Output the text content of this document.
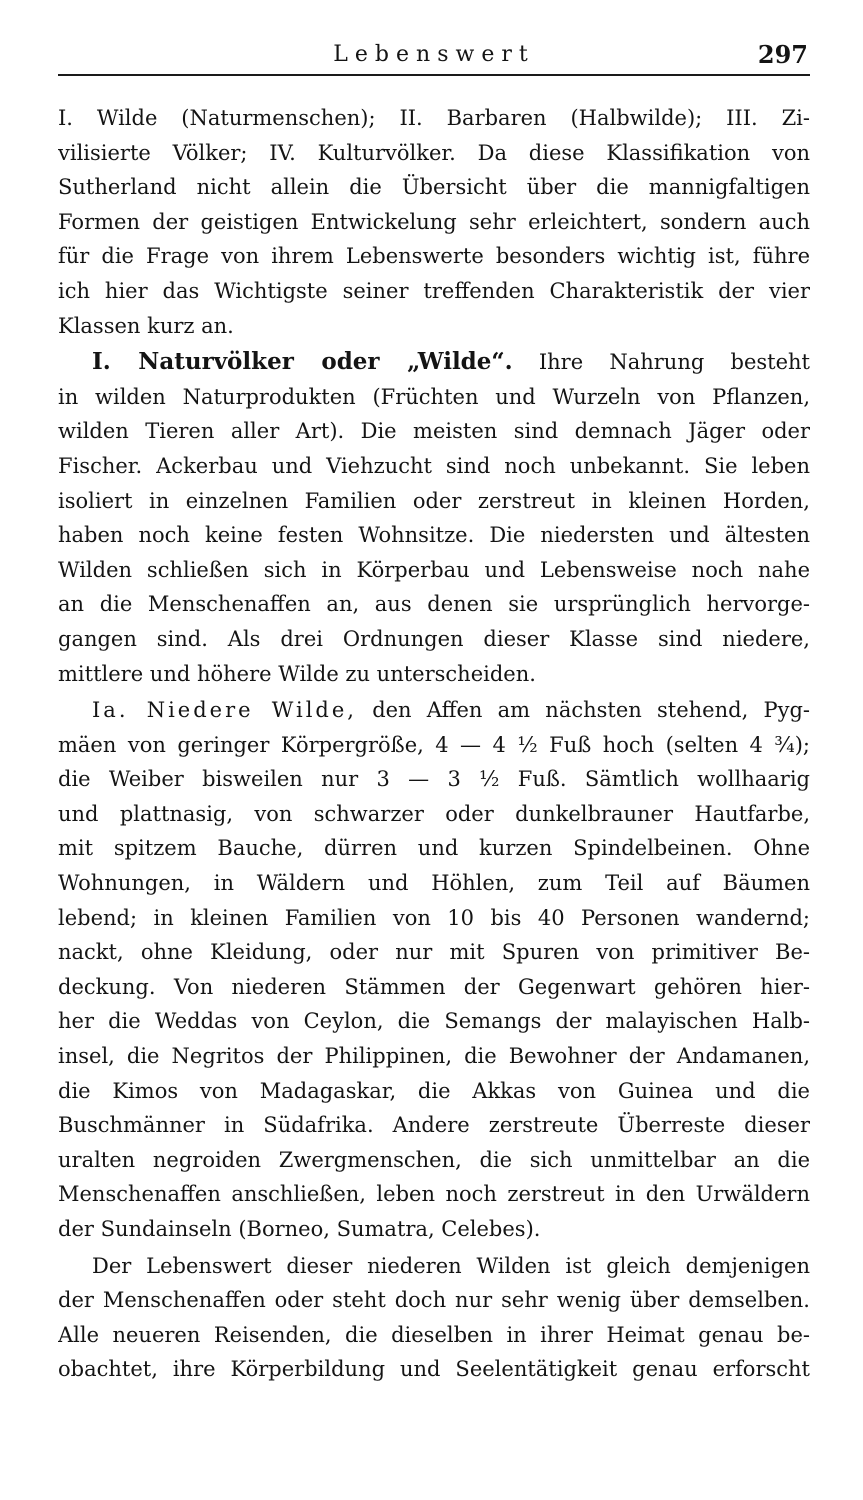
Lebenswert	297
I. Wilde (Naturmenschen); II. Barbaren (Halbwilde); III. Zi-
vilisierte Völker; IV. Kulturvölker. Da diese Klassifikation von
Sutherland nicht allein die Übersicht über die mannigfaltigen
Formen der geistigen Entwickelung sehr erleichtert, sondern auch
für die Frage von ihrem Lebenswerte besonders wichtig ist, führe
ich hier das Wichtigste seiner treffenden Charakteristik der vier
Klassen kurz an.
I. Naturvölker oder „Wilde“. Ihre Nahrung besteht
in wilden Naturprodukten (Früchten und Wurzeln von Pflanzen,
wilden Tieren aller Art). Die meisten sind demnach Jäger oder
Fischer. Ackerbau und Viehzucht sind noch unbekannt. Sie leben
isoliert in einzelnen Familien oder zerstreut in kleinen Horden,
haben noch keine festen Wohnsitze. Die niedersten und ältesten
Wilden schließen sich in Körperbau und Lebensweise noch nahe
an die Menschenaffen an, aus denen sie ursprünglich hervorge-
gangen sind. Als drei Ordnungen dieser Klasse sind niedere,
mittlere und höhere Wilde zu unterscheiden.
Ia. Niedere Wilde, den Affen am nächsten stehend, Pyg-
mäen von geringer Körpergröße, 4 — 4 ½ Fuß hoch (selten 4 ¾);
die Weiber bisweilen nur 3 — 3 ½ Fuß. Sämtlich wollhaarig
und plattnasig, von schwarzer oder dunkelbrauner Hautfarbe,
mit spitzem Bauche, dürren und kurzen Spindelbeinen. Ohne
Wohnungen, in Wäldern und Höhlen, zum Teil auf Bäumen
lebend; in kleinen Familien von 10 bis 40 Personen wandernd;
nackt, ohne Kleidung, oder nur mit Spuren von primitiver Be-
deckung. Von niederen Stämmen der Gegenwart gehören hier-
her die Weddas von Ceylon, die Semangs der malayischen Halb-
insel, die Negritos der Philippinen, die Bewohner der Andamanen,
die Kimos von Madagaskar, die Akkas von Guinea und die
Buschmänner in Südafrika. Andere zerstreute Überreste dieser
uralten negroiden Zwergmenschen, die sich unmittelbar an die
Menschenaffen anschließen, leben noch zerstreut in den Urwäldern
der Sundainseln (Borneo, Sumatra, Celebes).
Der Lebenswert dieser niederen Wilden ist gleich demjenigen
der Menschenaffen oder steht doch nur sehr wenig über demselben.
Alle neueren Reisenden, die dieselben in ihrer Heimat genau be-
obachtet, ihre Körperbildung und Seelentätigkeit genau erforscht
